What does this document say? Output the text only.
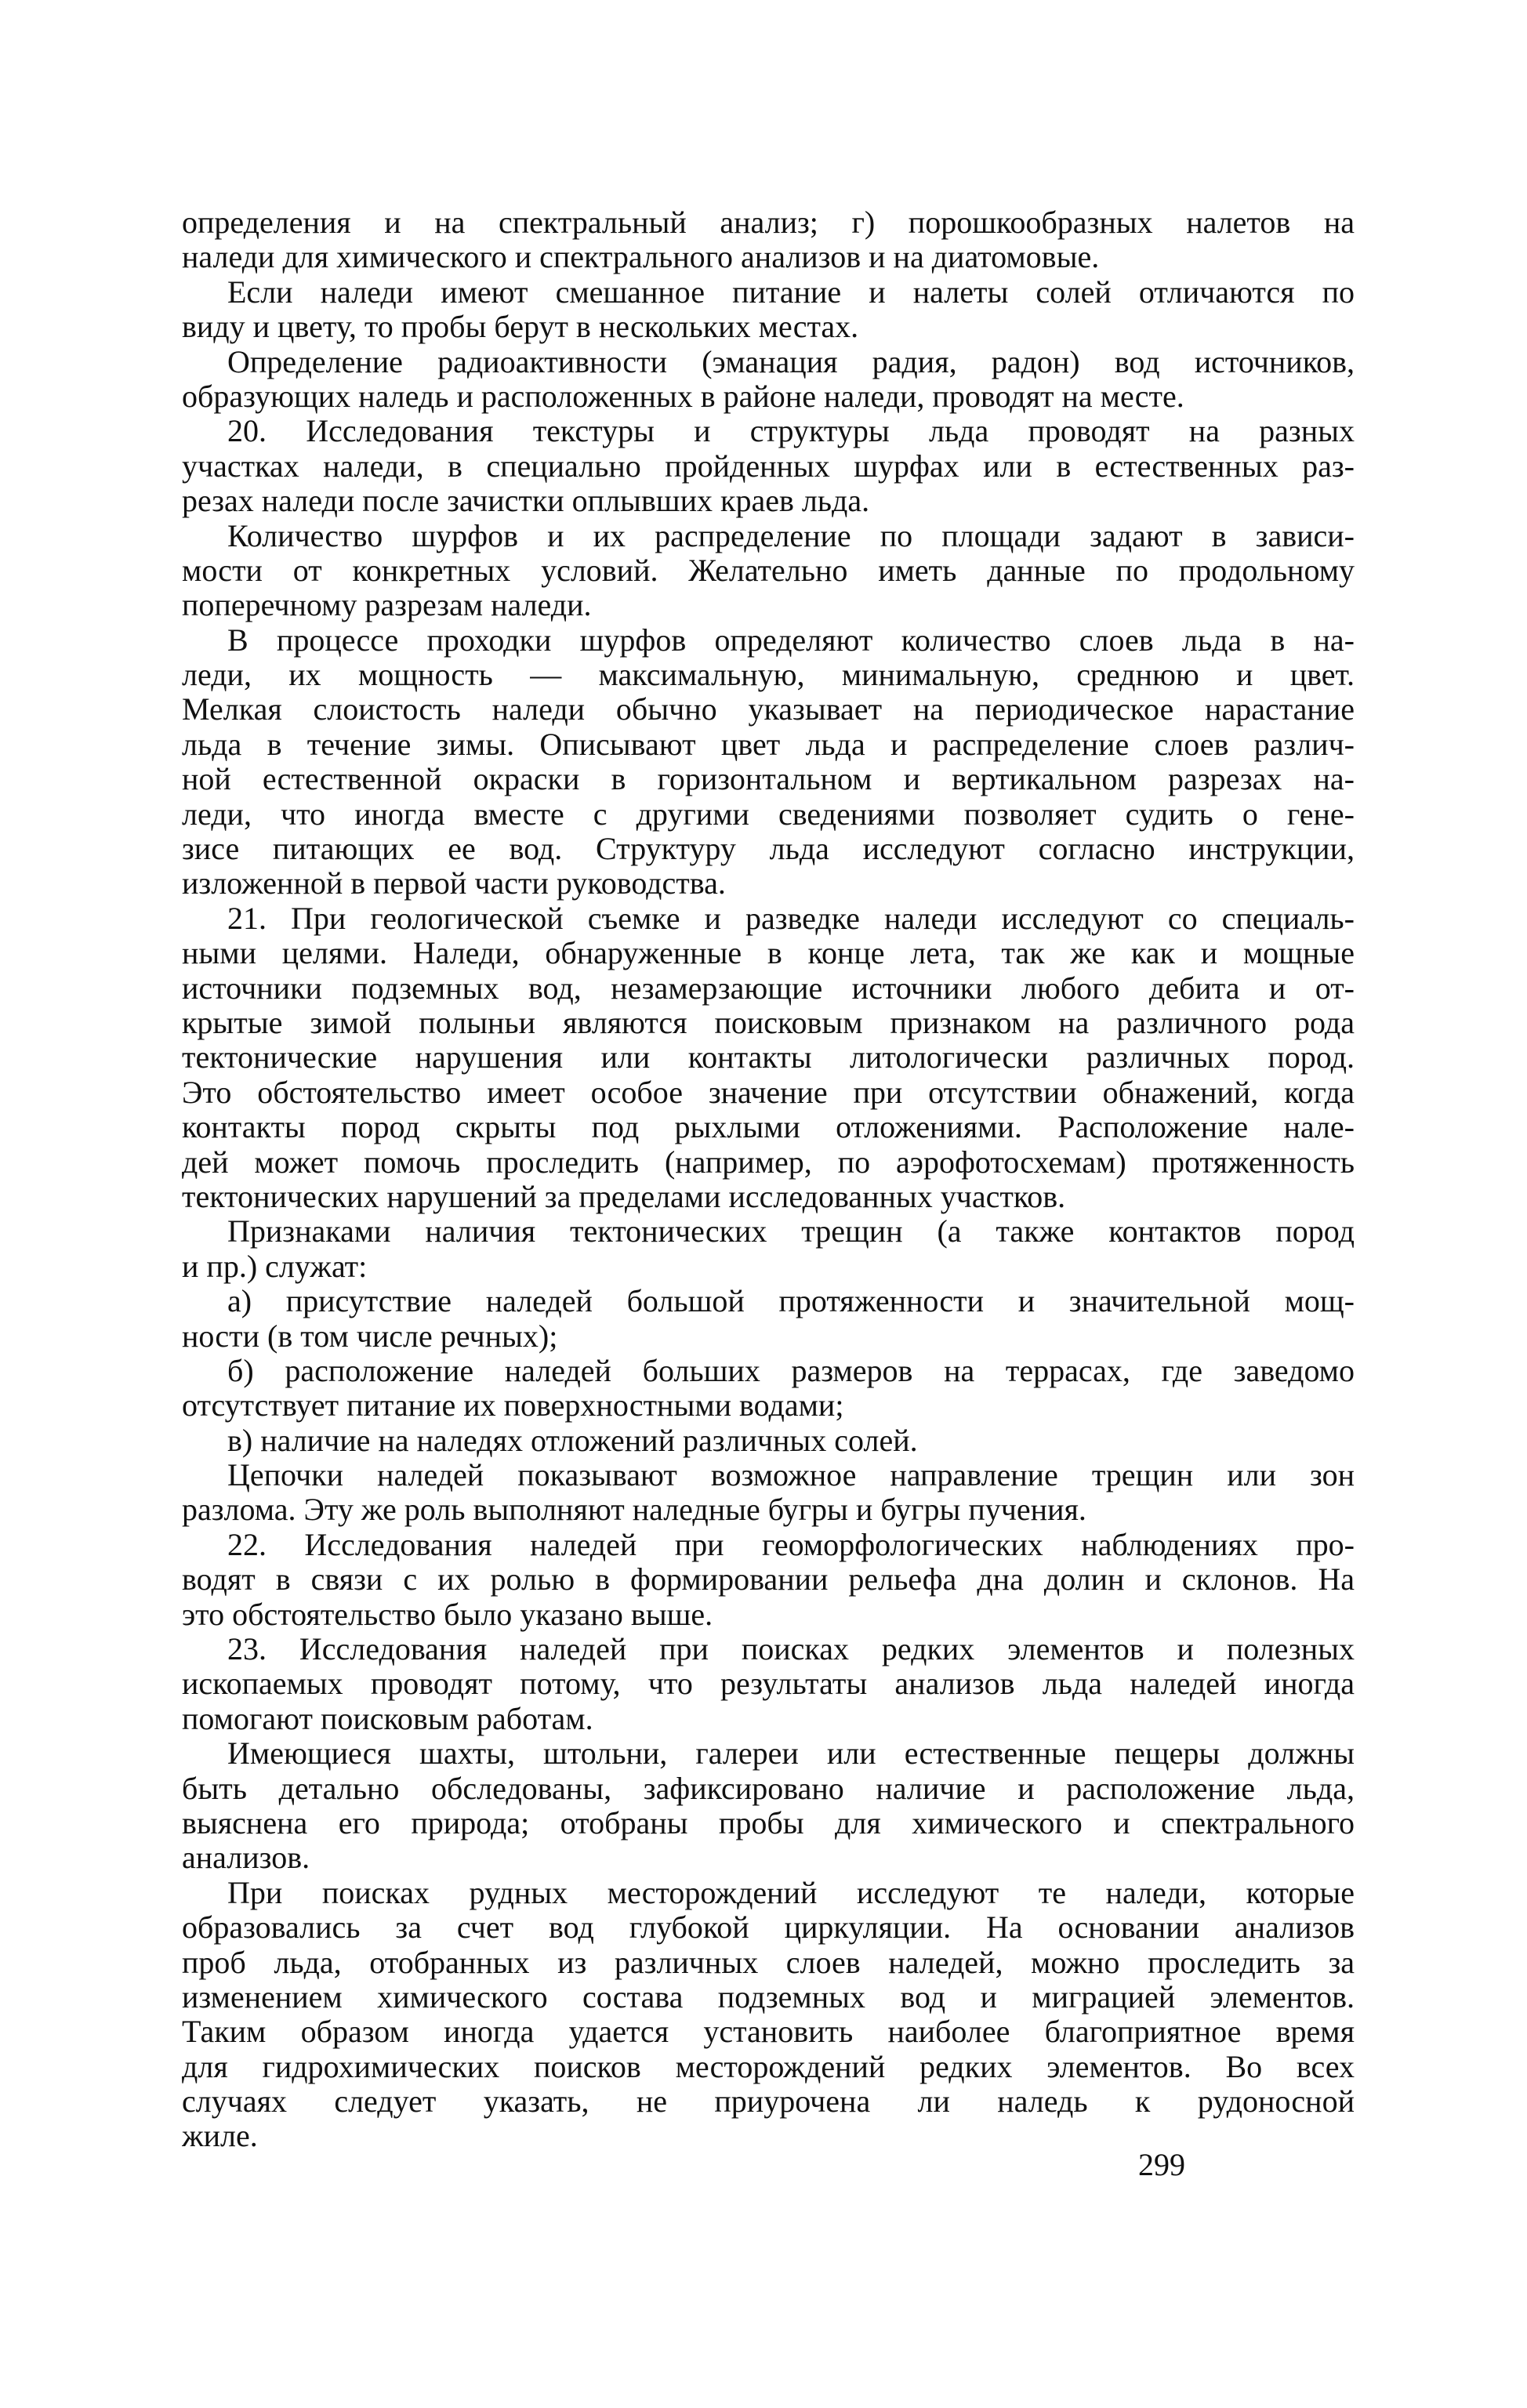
определения и на спектральный анализ; г) порошкообразных налетов на
наледи для химического и спектрального анализов и на диатомовые.
Если наледи имеют смешанное питание и налеты солей отличаются по
виду и цвету, то пробы берут в нескольких местах.
Определение радиоактивности (эманация радия, радон) вод источников,
образующих наледь и расположенных в районе наледи, проводят на месте.
20. Исследования текстуры и структуры льда проводят на разных
участках наледи, в специально пройденных шурфах или в естественных раз-
резах наледи после зачистки оплывших краев льда.
Количество шурфов и их распределение по площади задают в зависи-
мости от конкретных условий. Желательно иметь данные по продольному
поперечному разрезам наледи.
В процессе проходки шурфов определяют количество слоев льда в на-
леди, их мощность — максимальную, минимальную, среднюю и цвет.
Мелкая слоистость наледи обычно указывает на периодическое нарастание
льда в течение зимы. Описывают цвет льда и распределение слоев различ-
ной естественной окраски в горизонтальном и вертикальном разрезах на-
леди, что иногда вместе с другими сведениями позволяет судить о гене-
зисе питающих ее вод. Структуру льда исследуют согласно инструкции,
изложенной в первой части руководства.
21. При геологической съемке и разведке наледи исследуют со специаль-
ными целями. Наледи, обнаруженные в конце лета, так же как и мощные
источники подземных вод, незамерзающие источники любого дебита и от-
крытые зимой полыньи являются поисковым признаком на различного рода
тектонические нарушения или контакты литологически различных пород.
Это обстоятельство имеет особое значение при отсутствии обнажений, когда
контакты пород скрыты под рыхлыми отложениями. Расположение нале-
дей может помочь проследить (например, по аэрофотосхемам) протяженность
тектонических нарушений за пределами исследованных участков.
Признаками наличия тектонических трещин (а также контактов пород
и пр.) служат:
а) присутствие наледей большой протяженности и значительной мощ-
ности (в том числе речных);
б) расположение наледей больших размеров на террасах, где заведомо
отсутствует питание их поверхностными водами;
в) наличие на наледях отложений различных солей.
Цепочки наледей показывают возможное направление трещин или зон
разлома. Эту же роль выполняют наледные бугры и бугры пучения.
22. Исследования наледей при геоморфологических наблюдениях про-
водят в связи с их ролью в формировании рельефа дна долин и склонов. На
это обстоятельство было указано выше.
23. Исследования наледей при поисках редких элементов и полезных
ископаемых проводят потому, что результаты анализов льда наледей иногда
помогают поисковым работам.
Имеющиеся шахты, штольни, галереи или естественные пещеры должны
быть детально обследованы, зафиксировано наличие и расположение льда,
выяснена его природа; отобраны пробы для химического и спектрального
анализов.
При поисках рудных месторождений исследуют те наледи, которые
образовались за счет вод глубокой циркуляции. На основании анализов
проб льда, отобранных из различных слоев наледей, можно проследить за
изменением химического состава подземных вод и миграцией элементов.
Таким образом иногда удается установить наиболее благоприятное время
для гидрохимических поисков месторождений редких элементов. Во всех
случаях следует указать, не приурочена ли наледь к рудоносной
жиле.
299
